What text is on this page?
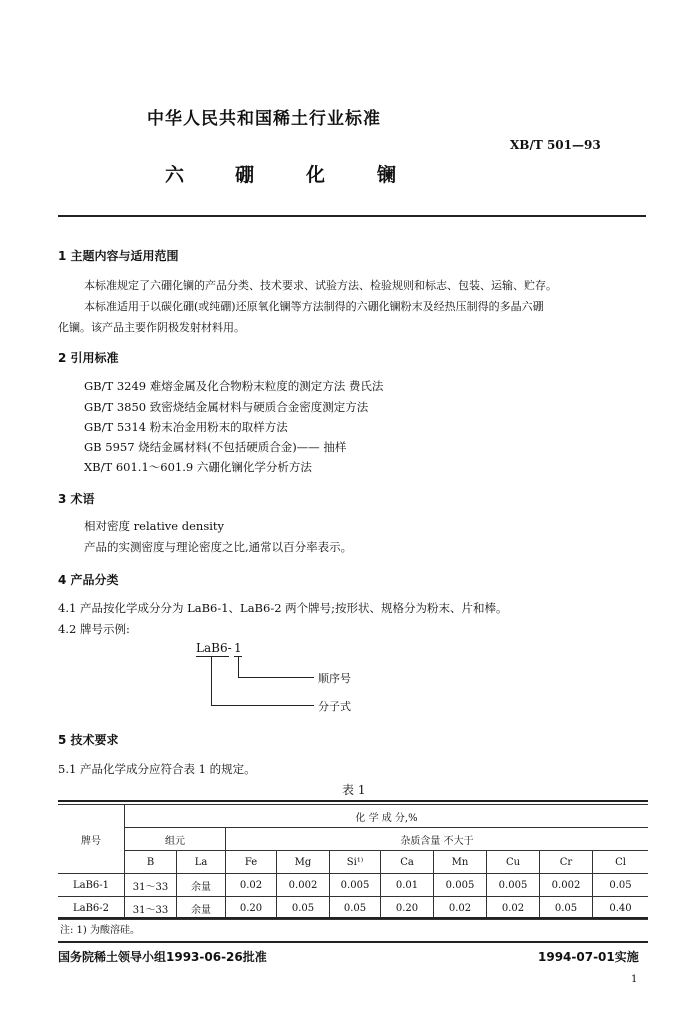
中华人民共和国稀土行业标准
XB/T 501—93
六	硼	化	镧
1 主题内容与适用范围
本标准规定了六硼化镧的产品分类、技术要求、试验方法、检验规则和标志、包装、运输、贮存。
本标准适用于以碳化硼(或纯硼)还原氧化镧等方法制得的六硼化镧粉末及经热压制得的多晶六硼
化镧。该产品主要作阴极发射材料用。
2 引用标准
GB/T 3249 难熔金属及化合物粉末粒度的测定方法 费氏法
GB/T 3850 致密烧结金属材料与硬质合金密度测定方法
GB/T 5314 粉末冶金用粉末的取样方法
GB 5957 烧结金属材料(不包括硬质合金)—— 抽样
XB/T 601.1～601.9 六硼化镧化学分析方法
3 术语
相对密度 relative density
产品的实测密度与理论密度之比,通常以百分率表示。
4 产品分类
4.1 产品按化学成分分为 LaB6-1、LaB6-2 两个牌号;按形状、规格分为粉末、片和棒。
4.2 牌号示例:
LaB6- 1
顺序号
分子式
5 技术要求
5.1 产品化学成分应符合表 1 的规定。
表 1
牌号	化 学 成 分,%									
	组元		杂质含量 不大于							
	B	La	Fe	Mg	Si¹⁾	Ca	Mn	Cu	Cr	Cl
LaB6-1	31～33	余量	0.02	0.002	0.005	0.01	0.005	0.005	0.002	0.05
LaB6-2	31～33	余量	0.20	0.05	0.05	0.20	0.02	0.02	0.05	0.40
注: 1) 为酸溶硅。
国务院稀土领导小组1993-06-26批准	1994-07-01实施
1
